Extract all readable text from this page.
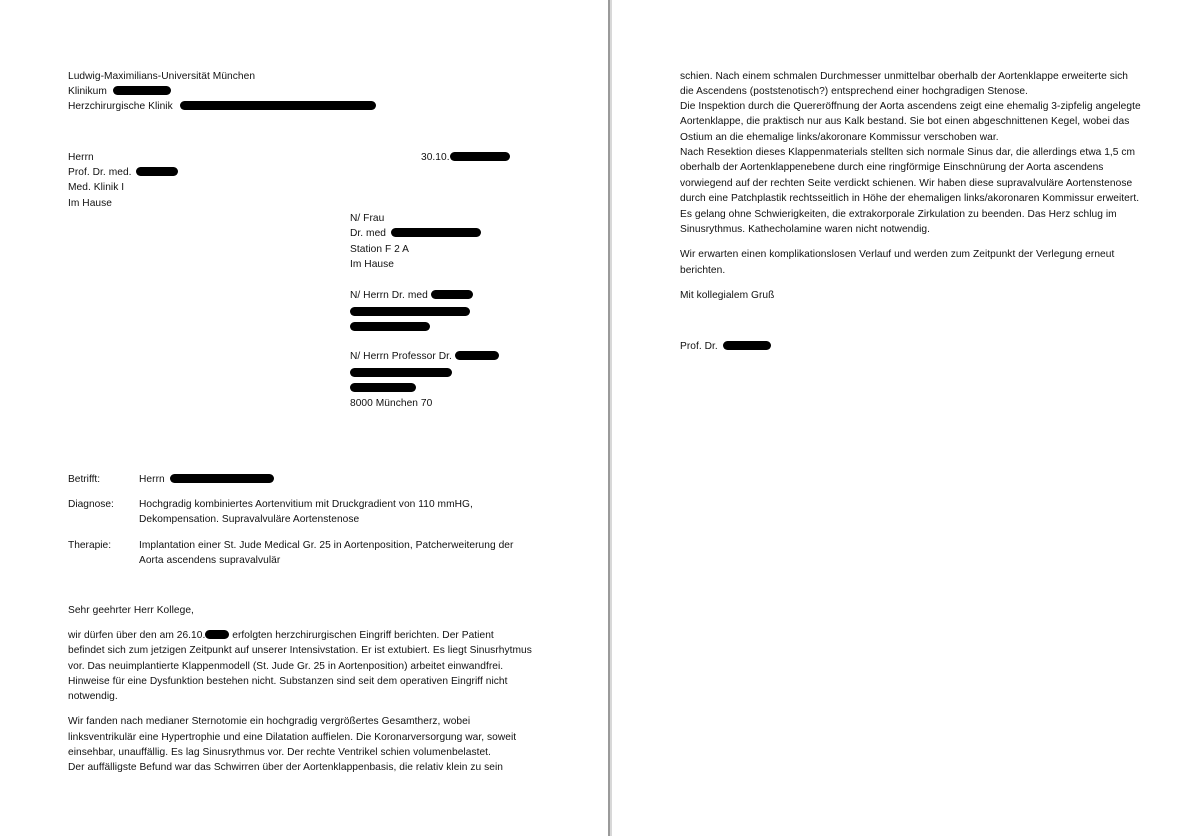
Ludwig-Maximilians-Universität München
Klinikum
Herzchirurgische Klinik
30.10.
Herrn
Prof. Dr. med.
Med. Klinik I
Im Hause
N/ Frau
Dr. med
Station F 2 A
Im Hause
N/ Herrn Dr. med
N/ Herrn Professor Dr.
8000 München 70
Betrifft:	Herrn
Diagnose: Hochgradig kombiniertes Aortenvitium mit Druckgradient von 110 mmHG,
Dekompensation. Supravalvuläre Aortenstenose
Therapie:	Implantation einer St. Jude Medical Gr. 25 in Aortenposition, Patcherweiterung der
Aorta ascendens supravalvulär
Sehr geehrter Herr Kollege,
wir dürfen über den am 26.10.	erfolgten herzchirurgischen Eingriff berichten. Der Patient
befindet sich zum jetzigen Zeitpunkt auf unserer Intensivstation. Er ist extubiert. Es liegt Sinusrhytmus
vor. Das neuimplantierte Klappenmodell (St. Jude Gr. 25 in Aortenposition) arbeitet einwandfrei.
Hinweise für eine Dysfunktion bestehen nicht. Substanzen sind seit dem operativen Eingriff nicht
notwendig.
Wir fanden nach medianer Sternotomie ein hochgradig vergrößertes Gesamtherz, wobei
linksventrikulär eine Hypertrophie und eine Dilatation auffielen. Die Koronarversorgung war, soweit
einsehbar, unauffällig. Es lag Sinusrythmus vor. Der rechte Ventrikel schien volumenbelastet.
Der auffälligste Befund war das Schwirren über der Aortenklappenbasis, die relativ klein zu sein
schien. Nach einem schmalen Durchmesser unmittelbar oberhalb der Aortenklappe erweiterte sich
die Ascendens (poststenotisch?) entsprechend einer hochgradigen Stenose.
Die Inspektion durch die Quereröffnung der Aorta ascendens zeigt eine ehemalig 3-zipfelig angelegte
Aortenklappe, die praktisch nur aus Kalk bestand. Sie bot einen abgeschnittenen Kegel, wobei das
Ostium an die ehemalige links/akoronare Kommissur verschoben war.
Nach Resektion dieses Klappenmaterials stellten sich normale Sinus dar, die allerdings etwa 1,5 cm
oberhalb der Aortenklappenebene durch eine ringförmige Einschnürung der Aorta ascendens
vorwiegend auf der rechten Seite verdickt schienen. Wir haben diese supravalvuläre Aortenstenose
durch eine Patchplastik rechtsseitlich in Höhe der ehemaligen links/akoronaren Kommissur erweitert.
Es gelang ohne Schwierigkeiten, die extrakorporale Zirkulation zu beenden. Das Herz schlug im
Sinusrythmus. Kathecholamine waren nicht notwendig.
Wir erwarten einen komplikationslosen Verlauf und werden zum Zeitpunkt der Verlegung erneut
berichten.
Mit kollegialem Gruß
Prof. Dr.
